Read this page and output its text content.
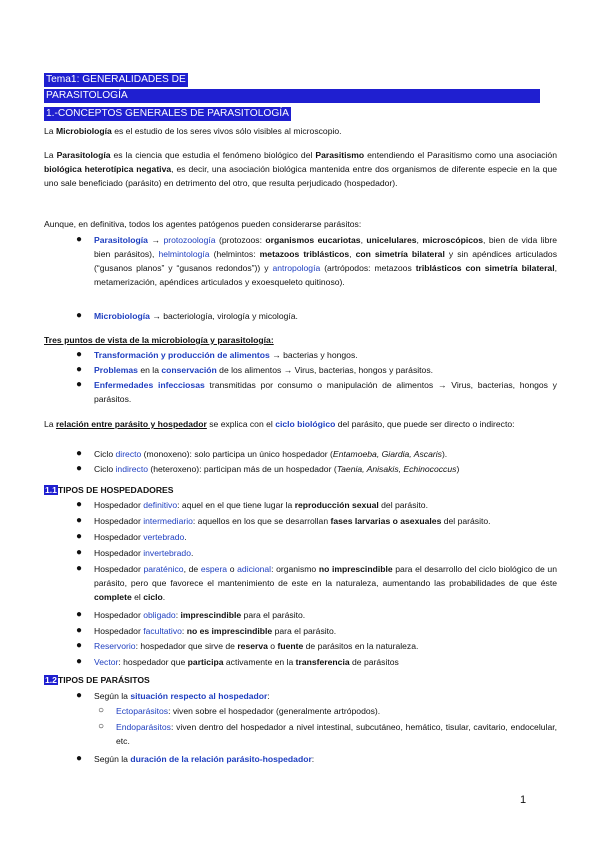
Tema1: GENERALIDADES DE
PARASITOLOGÍA
1.-CONCEPTOS GENERALES DE PARASITOLOGÍA
La Microbiología es el estudio de los seres vivos sólo visibles al microscopio.
La Parasitología es la ciencia que estudia el fenómeno biológico del Parasitismo entendiendo el Parasitismo como una asociación biológica heterotípica negativa, es decir, una asociación biológica mantenida entre dos organismos de diferente especie en la que uno sale beneficiado (parásito) en detrimento del otro, que resulta perjudicado (hospedador).
Aunque, en definitiva, todos los agentes patógenos pueden considerarse parásitos:
● Parasitología → protozoología (protozoos: organismos eucariotas, unicelulares, microscópicos, bien de vida libre bien parásitos), helmintología (helmintos: metazoos triblásticos, con simetría bilateral y sin apéndices articulados (“gusanos planos” y “gusanos redondos”)) y antropología (artrópodos: metazoos triblásticos con simetría bilateral, metamerización, apéndices articulados y exoesqueleto quitinoso).
● Microbiología → bacteriología, virología y micología.
Tres puntos de vista de la microbiología y parasitología:
● Transformación y producción de alimentos → bacterias y hongos.
● Problemas en la conservación de los alimentos → Virus, bacterias, hongos y parásitos.
● Enfermedades infecciosas transmitidas por consumo o manipulación de alimentos → Virus, bacterias, hongos y parásitos.
La relación entre parásito y hospedador se explica con el ciclo biológico del parásito, que puede ser directo o indirecto:
● Ciclo directo (monoxeno): solo participa un único hospedador (Entamoeba, Giardia, Ascaris).
● Ciclo indirecto (heteroxeno): participan más de un hospedador (Taenia, Anisakis, Echinococcus)
1.1TIPOS DE HOSPEDADORES
● Hospedador definitivo: aquel en el que tiene lugar la reproducción sexual del parásito.
● Hospedador intermediario: aquellos en los que se desarrollan fases larvarias o asexuales del parásito.
● Hospedador vertebrado.
● Hospedador invertebrado.
● Hospedador paraténico, de espera o adicional: organismo no imprescindible para el desarrollo del ciclo biológico de un parásito, pero que favorece el mantenimiento de este en la naturaleza, aumentando las probabilidades de que éste complete el ciclo.
● Hospedador obligado: imprescindible para el parásito.
● Hospedador facultativo: no es imprescindible para el parásito.
● Reservorio: hospedador que sirve de reserva o fuente de parásitos en la naturaleza.
● Vector: hospedador que participa activamente en la transferencia de parásitos
1.2TIPOS DE PARÁSITOS
● Según la situación respecto al hospedador:
○ Ectoparásitos: viven sobre el hospedador (generalmente artrópodos).
○ Endoparásitos: viven dentro del hospedador a nivel intestinal, subcutáneo, hemático, tisular, cavitario, endocelular, etc.
● Según la duración de la relación parásito-hospedador:
1
